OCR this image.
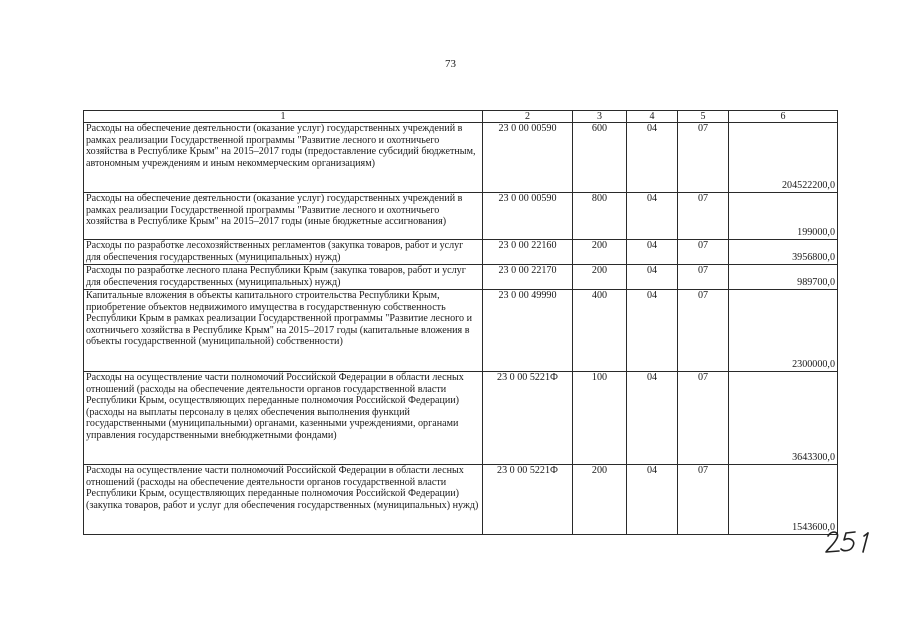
73
1	2	3	4	5	6
Расходы на обеспечение деятельности (оказание услуг) государственных учреждений в рамках реализации Государственной программы "Развитие лесного и охотничьего хозяйства в Республике Крым" на 2015–2017 годы (предоставление субсидий бюджетным, автономным учреждениям и иным некоммерческим организациям)	23 0 00 00590	600	04	07	204522200,0
Расходы на обеспечение деятельности (оказание услуг) государственных учреждений в рамках реализации Государственной программы "Развитие лесного и охотничьего хозяйства в Республике Крым" на 2015–2017 годы (иные бюджетные ассигнования)	23 0 00 00590	800	04	07	199000,0
Расходы по разработке лесохозяйственных регламентов (закупка товаров, работ и услуг для обеспечения государственных (муниципальных) нужд)	23 0 00 22160	200	04	07	3956800,0
Расходы по разработке лесного плана Республики Крым (закупка товаров, работ и услуг для обеспечения государственных (муниципальных) нужд)	23 0 00 22170	200	04	07	989700,0
Капитальные вложения в объекты капитального строительства Республики Крым, приобретение объектов недвижимого имущества в государственную собственность Республики Крым в рамках реализации Государственной программы "Развитие лесного и охотничьего хозяйства в Республике Крым" на 2015–2017 годы (капитальные вложения в объекты государственной (муниципальной) собственности)	23 0 00 49990	400	04	07	2300000,0
Расходы на осуществление части полномочий Российской Федерации в области лесных отношений (расходы на обеспечение деятельности органов государственной власти Республики Крым, осуществляющих переданные полномочия Российской Федерации) (расходы на выплаты персоналу в целях обеспечения выполнения функций государственными (муниципальными) органами, казенными учреждениями, органами управления государственными внебюджетными фондами)	23 0 00 5221Ф	100	04	07	3643300,0
Расходы на осуществление части полномочий Российской Федерации в области лесных отношений (расходы на обеспечение деятельности органов государственной власти Республики Крым, осуществляющих переданные полномочия Российской Федерации) (закупка товаров, работ и услуг для обеспечения государственных (муниципальных) нужд)	23 0 00 5221Ф	200	04	07	1543600,0
